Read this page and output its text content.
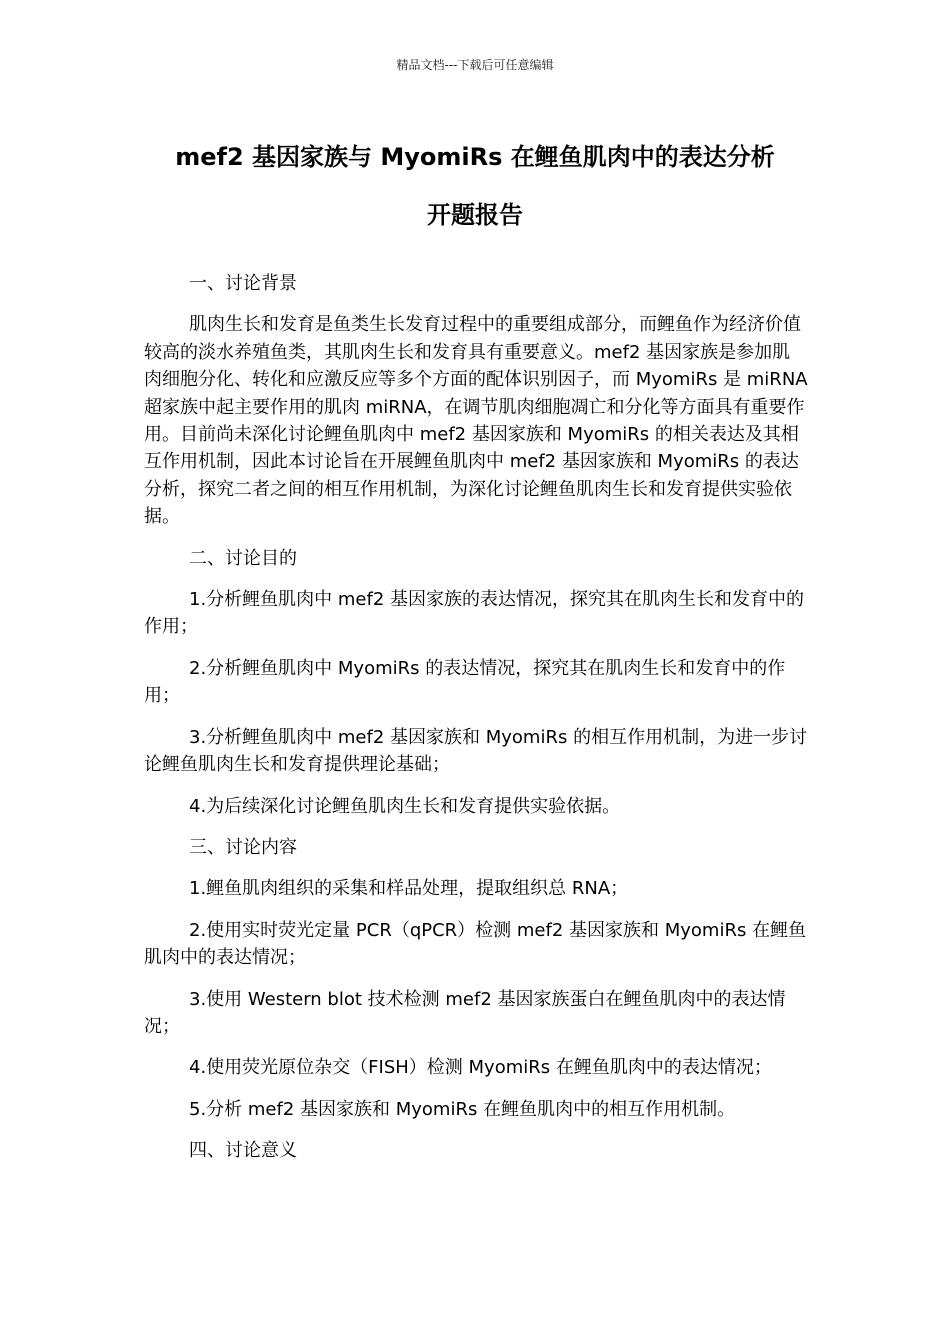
精品文档---下载后可任意编辑
mef2 基因家族与 MyomiRs 在鲤鱼肌肉中的表达分析
开题报告

一、讨论背景

肌肉生长和发育是鱼类生长发育过程中的重要组成部分，而鲤鱼作为经济价值较高的淡水养殖鱼类，其肌肉生长和发育具有重要意义。mef2 基因家族是参加肌肉细胞分化、转化和应激反应等多个方面的配体识别因子，而 MyomiRs 是 miRNA 超家族中起主要作用的肌肉 miRNA，在调节肌肉细胞凋亡和分化等方面具有重要作用。目前尚未深化讨论鲤鱼肌肉中 mef2 基因家族和 MyomiRs 的相关表达及其相互作用机制，因此本讨论旨在开展鲤鱼肌肉中 mef2 基因家族和 MyomiRs 的表达分析，探究二者之间的相互作用机制，为深化讨论鲤鱼肌肉生长和发育提供实验依据。

二、讨论目的

1.分析鲤鱼肌肉中 mef2 基因家族的表达情况，探究其在肌肉生长和发育中的作用；

2.分析鲤鱼肌肉中 MyomiRs 的表达情况，探究其在肌肉生长和发育中的作用；

3.分析鲤鱼肌肉中 mef2 基因家族和 MyomiRs 的相互作用机制，为进一步讨论鲤鱼肌肉生长和发育提供理论基础；

4.为后续深化讨论鲤鱼肌肉生长和发育提供实验依据。

三、讨论内容

1.鲤鱼肌肉组织的采集和样品处理，提取组织总 RNA；

2.使用实时荧光定量 PCR（qPCR）检测 mef2 基因家族和 MyomiRs 在鲤鱼肌肉中的表达情况；

3.使用 Western blot 技术检测 mef2 基因家族蛋白在鲤鱼肌肉中的表达情况；

4.使用荧光原位杂交（FISH）检测 MyomiRs 在鲤鱼肌肉中的表达情况；

5.分析 mef2 基因家族和 MyomiRs 在鲤鱼肌肉中的相互作用机制。

四、讨论意义
